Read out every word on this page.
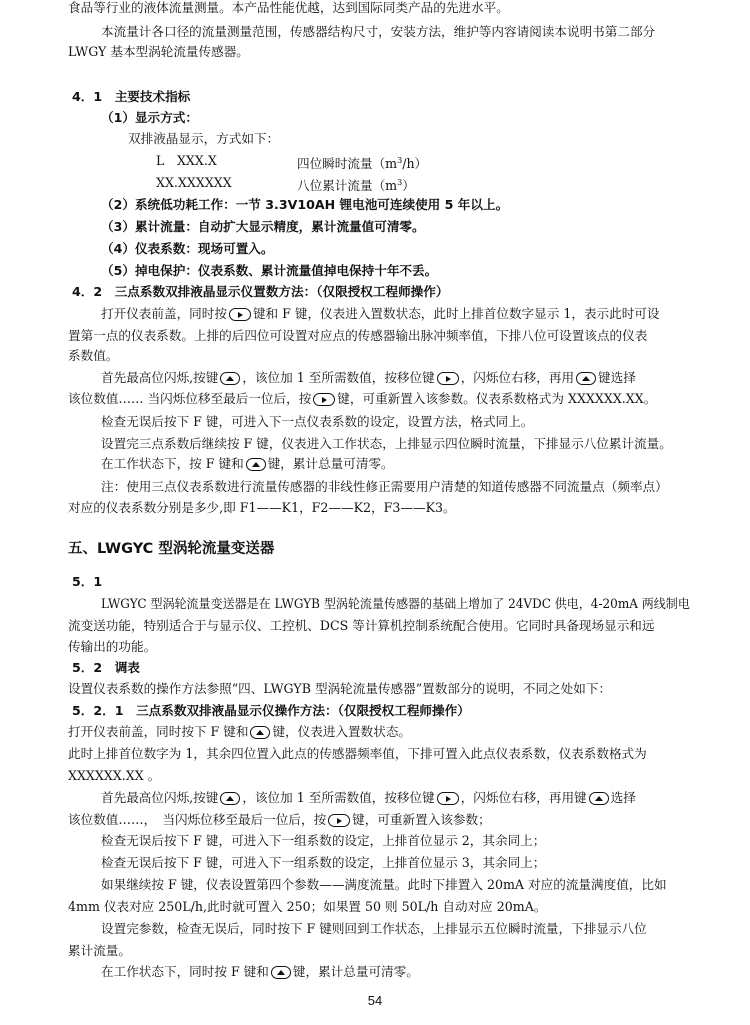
食品等行业的液体流量测量。本产品性能优越，达到国际同类产品的先进水平。
本流量计各口径的流量测量范围，传感器结构尺寸，安装方法，维护等内容请阅读本说明书第二部分
LWGY 基本型涡轮流量传感器。
4．1　主要技术指标
（1）显示方式：
双排液晶显示，方式如下：
L　XXX.X	四位瞬时流量$(m^3/h)$
XX.XXXXXX	八位累计流量$(m^3)$
（2）系统低功耗工作：一节 3.3V10AH 锂电池可连续使用 5 年以上。
（3）累计流量：自动扩大显示精度，累计流量值可清零。
（4）仪表系数：现场可置入。
（5）掉电保护：仪表系数、累计流量值掉电保持十年不丢。
4．2　三点系数双排液晶显示仪置数方法：（仅限授权工程师操作）
打开仪表前盖，同时按 键和 F 键，仪表进入置数状态，此时上排首位数字显示 1，表示此时可设
置第一点的仪表系数。上排的后四位可设置对应点的传感器输出脉冲频率值，下排八位可设置该点的仪表
系数值。
首先最高位闪烁,按键 ，该位加 1 至所需数值，按移位键 ，闪烁位右移，再用 键选择
该位数值…… 当闪烁位移至最后一位后，按 键，可重新置入该参数。仪表系数格式为 XXXXXX.XX。
检查无误后按下 F 键，可进入下一点仪表系数的设定，设置方法，格式同上。
设置完三点系数后继续按 F 键，仪表进入工作状态，上排显示四位瞬时流量，下排显示八位累计流量。
在工作状态下，按 F 键和 键，累计总量可清零。
注：使用三点仪表系数进行流量传感器的非线性修正需要用户清楚的知道传感器不同流量点（频率点）
对应的仪表系数分别是多少,即 F1——K1，F2——K2，F3——K3。
五、LWGYC 型涡轮流量变送器
5．1
LWGYC 型涡轮流量变送器是在 LWGYB 型涡轮流量传感器的基础上增加了 24VDC 供电，4-20mA 两线制电
流变送功能，特别适合于与显示仪、工控机、DCS 等计算机控制系统配合使用。它同时具备现场显示和远
传输出的功能。
5．2　调表
设置仪表系数的操作方法参照“四、LWGYB 型涡轮流量传感器”置数部分的说明，不同之处如下：
5．2．1　三点系数双排液晶显示仪操作方法：（仅限授权工程师操作）
打开仪表前盖，同时按下 F 键和 键，仪表进入置数状态。
此时上排首位数字为 1，其余四位置入此点的传感器频率值，下排可置入此点仪表系数，仪表系数格式为
XXXXXX.XX 。
首先最高位闪烁,按键 ，该位加 1 至所需数值，按移位键 ，闪烁位右移，再用键 选择
该位数值……，　当闪烁位移至最后一位后，按 键，可重新置入该参数；
检查无误后按下 F 键，可进入下一组系数的设定，上排首位显示 2，其余同上；
检查无误后按下 F 键，可进入下一组系数的设定，上排首位显示 3，其余同上；
如果继续按 F 键，仪表设置第四个参数——满度流量。此时下排置入 20mA 对应的流量满度值，比如
4mm 仪表对应 250L/h,此时就可置入 250；如果置 50 则 50L/h 自动对应 20mA。
设置完参数，检查无误后，同时按下 F 键则回到工作状态，上排显示五位瞬时流量，下排显示八位
累计流量。
在工作状态下，同时按 F 键和 键，累计总量可清零。
54
